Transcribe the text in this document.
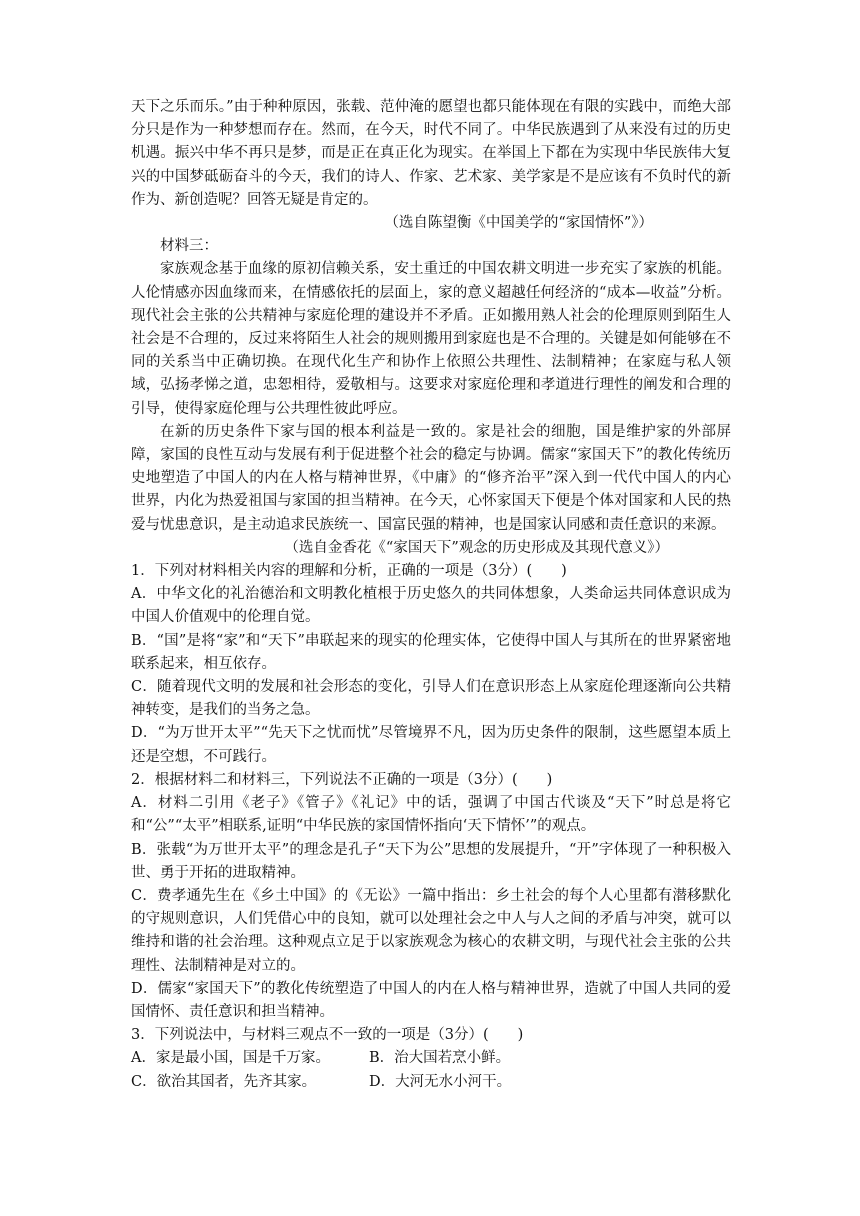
天下之乐而乐。”由于种种原因，张载、范仲淹的愿望也都只能体现在有限的实践中，而绝大部分只是作为一种梦想而存在。然而，在今天，时代不同了。中华民族遇到了从来没有过的历史机遇。振兴中华不再只是梦，而是正在真正化为现实。在举国上下都在为实现中华民族伟大复兴的中国梦砥砺奋斗的今天，我们的诗人、作家、艺术家、美学家是不是应该有不负时代的新作为、新创造呢？回答无疑是肯定的。

（选自陈望衡《中国美学的“家国情怀”》）

材料三：

家族观念基于血缘的原初信赖关系，安土重迁的中国农耕文明进一步充实了家族的机能。人伦情感亦因血缘而来，在情感依托的层面上，家的意义超越任何经济的“成本—收益”分析。现代社会主张的公共精神与家庭伦理的建设并不矛盾。正如搬用熟人社会的伦理原则到陌生人社会是不合理的，反过来将陌生人社会的规则搬用到家庭也是不合理的。关键是如何能够在不同的关系当中正确切换。在现代化生产和协作上依照公共理性、法制精神；在家庭与私人领域，弘扬孝悌之道，忠恕相待，爱敬相与。这要求对家庭伦理和孝道进行理性的阐发和合理的引导，使得家庭伦理与公共理性彼此呼应。

在新的历史条件下家与国的根本利益是一致的。家是社会的细胞，国是维护家的外部屏障，家国的良性互动与发展有利于促进整个社会的稳定与协调。儒家“家国天下”的教化传统历史地塑造了中国人的内在人格与精神世界，《中庸》的“修齐治平”深入到一代代中国人的内心世界，内化为热爱祖国与家国的担当精神。在今天，心怀家国天下便是个体对国家和人民的热爱与忧患意识，是主动追求民族统一、国富民强的精神，也是国家认同感和责任意识的来源。

（选自金香花《“家国天下”观念的历史形成及其现代意义》）

1．下列对材料相关内容的理解和分析，正确的一项是（3分）(　　)

A．中华文化的礼治德治和文明教化植根于历史悠久的共同体想象，人类命运共同体意识成为中国人价值观中的伦理自觉。

B．“国”是将“家”和“天下”串联起来的现实的伦理实体，它使得中国人与其所在的世界紧密地联系起来，相互依存。

C．随着现代文明的发展和社会形态的变化，引导人们在意识形态上从家庭伦理逐渐向公共精神转变，是我们的当务之急。

D．“为万世开太平”“先天下之忧而忧”尽管境界不凡，因为历史条件的限制，这些愿望本质上还是空想，不可践行。

2．根据材料二和材料三，下列说法不正确的一项是（3分）(　　)

A．材料二引用《老子》《管子》《礼记》中的话，强调了中国古代谈及“天下”时总是将它和“公”“太平”相联系,证明“中华民族的家国情怀指向‘天下情怀’”的观点。

B．张载“为万世开太平”的理念是孔子“天下为公”思想的发展提升，“开”字体现了一种积极入世、勇于开拓的进取精神。

C．费孝通先生在《乡土中国》的《无讼》一篇中指出：乡土社会的每个人心里都有潜移默化的守规则意识，人们凭借心中的良知，就可以处理社会之中人与人之间的矛盾与冲突，就可以维持和谐的社会治理。这种观点立足于以家族观念为核心的农耕文明，与现代社会主张的公共理性、法制精神是对立的。

D．儒家“家国天下”的教化传统塑造了中国人的内在人格与精神世界，造就了中国人共同的爱国情怀、责任意识和担当精神。

3．下列说法中，与材料三观点不一致的一项是（3分）(　　)

A．家是最小国，国是千万家。	B．治大国若烹小鲜。
C．欲治其国者，先齐其家。	D．大河无水小河干。
